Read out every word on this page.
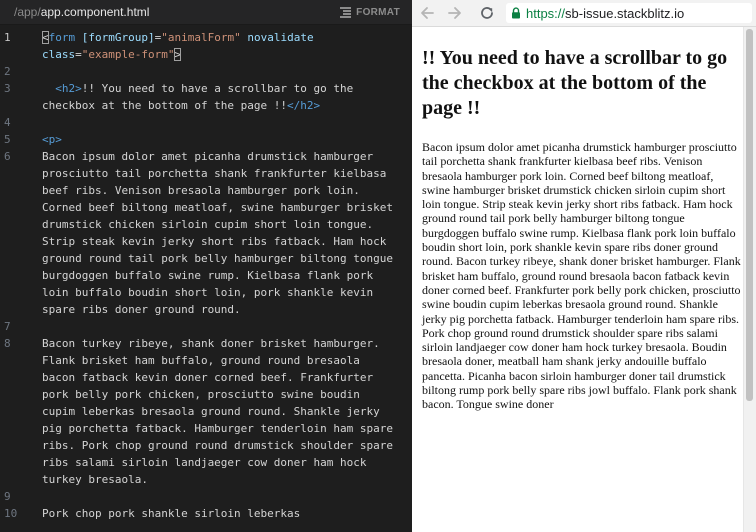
/app/app.component.html	FORMAT
1	<form [formGroup]="animalForm" novalidate
class="example-form">
2

3	<h2>!! You need to have a scrollbar to go the checkbox at the bottom of the page !!</h2>
4

5	<p>
6	Bacon ipsum dolor amet picanha drumstick hamburger prosciutto tail porchetta shank frankfurter kielbasa beef ribs. Venison bresaola hamburger pork loin. Corned beef biltong meatloaf, swine hamburger brisket drumstick chicken sirloin cupim short loin tongue. Strip steak kevin jerky short ribs fatback. Ham hock ground round tail pork belly hamburger biltong tongue burgdoggen buffalo swine rump. Kielbasa flank pork loin buffalo boudin short loin, pork shankle kevin spare ribs doner ground round.
7

8	Bacon turkey ribeye, shank doner brisket hamburger. Flank brisket ham buffalo, ground round bresaola bacon fatback kevin doner corned beef. Frankfurter pork belly pork chicken, prosciutto swine boudin cupim leberkas bresaola ground round. Shankle jerky pig porchetta fatback. Hamburger tenderloin ham spare ribs. Pork chop ground round drumstick shoulder spare ribs salami sirloin landjaeger cow doner ham hock turkey bresaola.
9

10	Pork chop pork shankle sirloin leberkas
https://sb-issue.stackblitz.io
!! You need to have a scrollbar to go the checkbox at the bottom of the page !!

Bacon ipsum dolor amet picanha drumstick hamburger prosciutto tail porchetta shank frankfurter kielbasa beef ribs. Venison bresaola hamburger pork loin. Corned beef biltong meatloaf, swine hamburger brisket drumstick chicken sirloin cupim short loin tongue. Strip steak kevin jerky short ribs fatback. Ham hock ground round tail pork belly hamburger biltong tongue burgdoggen buffalo swine rump. Kielbasa flank pork loin buffalo boudin short loin, pork shankle kevin spare ribs doner ground round. Bacon turkey ribeye, shank doner brisket hamburger. Flank brisket ham buffalo, ground round bresaola bacon fatback kevin doner corned beef. Frankfurter pork belly pork chicken, prosciutto swine boudin cupim leberkas bresaola ground round. Shankle jerky pig porchetta fatback. Hamburger tenderloin ham spare ribs. Pork chop ground round drumstick shoulder spare ribs salami sirloin landjaeger cow doner ham hock turkey bresaola. Boudin bresaola doner, meatball ham shank jerky andouille buffalo pancetta. Picanha bacon sirloin hamburger doner tail drumstick biltong rump pork belly spare ribs jowl buffalo. Flank pork shank bacon. Tongue swine doner
